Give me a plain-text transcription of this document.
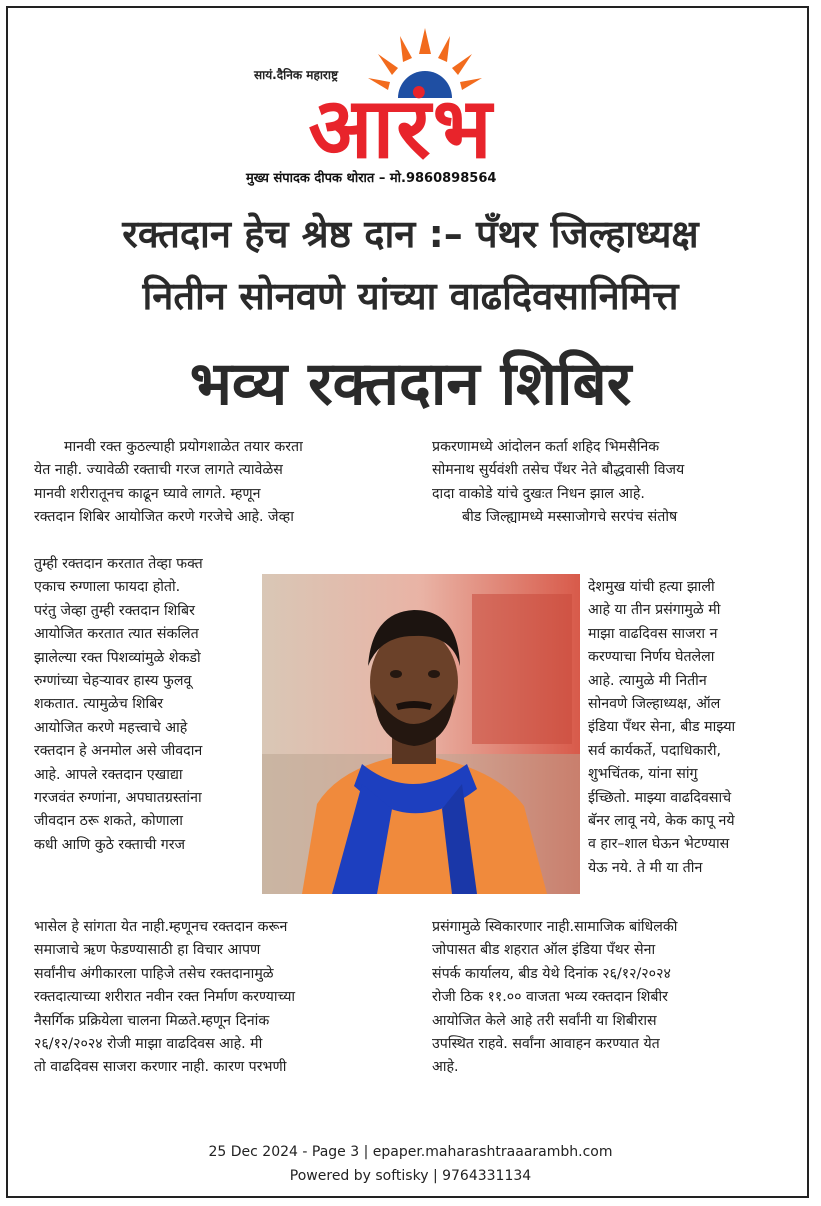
सायं.दैनिक महाराष्ट्र
आरंभ
मुख्य संपादक दीपक थोरात – मो.9860898564
रक्तदान हेच श्रेष्ठ दान :– पँथर जिल्हाध्यक्ष
नितीन सोनवणे यांच्या वाढदिवसानिमित्त
भव्य रक्तदान शिबिर
मानवी रक्त कुठल्याही प्रयोगशाळेत तयार करता
येत नाही. ज्यावेळी रक्ताची गरज लागते त्यावेळेस
मानवी शरीरातूनच काढून घ्यावे लागते. म्हणून
रक्तदान शिबिर आयोजित करणे गरजेचे आहे. जेव्हा
तुम्ही रक्तदान करतात तेव्हा फक्त
एकाच रुग्णाला फायदा होतो.
परंतु जेव्हा तुम्ही रक्तदान शिबिर
आयोजित करतात त्यात संकलित
झालेल्या रक्त पिशव्यांमुळे शेकडो
रुग्णांच्या चेहऱ्यावर हास्य फुलवू
शकतात. त्यामुळेच शिबिर
आयोजित करणे महत्त्वाचे आहे
रक्तदान हे अनमोल असे जीवदान
आहे. आपले रक्तदान एखाद्या
गरजवंत रुग्णांना, अपघातग्रस्तांना
जीवदान ठरू शकते, कोणाला
कधी आणि कुठे रक्ताची गरज
भासेल हे सांगता येत नाही.म्हणूनच रक्तदान करून
समाजाचे ऋण फेडण्यासाठी हा विचार आपण
सर्वांनीच अंगीकारला पाहिजे तसेच रक्तदानामुळे
रक्तदात्याच्या शरीरात नवीन रक्त निर्माण करण्याच्या
नैसर्गिक प्रक्रियेला चालना मिळते.म्हणून दिनांक
२६/१२/२०२४ रोजी माझा वाढदिवस आहे. मी
तो वाढदिवस साजरा करणार नाही. कारण परभणी
प्रकरणामध्ये आंदोलन कर्ता शहिद भिमसैनिक
सोमनाथ सुर्यवंशी तसेच पँथर नेते बौद्धवासी विजय
दादा वाकोडे यांचे दुखःत निधन झाल आहे.
बीड जिल्ह्यामध्ये मस्साजोगचे सरपंच संतोष
देशमुख यांची हत्या झाली
आहे या तीन प्रसंगामुळे मी
माझा वाढदिवस साजरा न
करण्याचा निर्णय घेतलेला
आहे. त्यामुळे मी नितीन
सोनवणे जिल्हाध्यक्ष, ऑल
इंडिया पँथर सेना, बीड माझ्या
सर्व कार्यकर्ते, पदाधिकारी,
शुभचिंतक, यांना सांगु
ईच्छितो. माझ्या वाढदिवसाचे
बॅनर लावू नये, केक कापू नये
व हार–शाल घेऊन भेटण्यास
येऊ नये. ते मी या तीन
प्रसंगामुळे स्विकारणार नाही.सामाजिक बांधिलकी
जोपासत बीड शहरात ऑल इंडिया पँथर सेना
संपर्क कार्यालय, बीड येथे दिनांक २६/१२/२०२४
रोजी ठिक ११.०० वाजता भव्य रक्तदान शिबीर
आयोजित केले आहे तरी सर्वांनी या शिबीरास
उपस्थित राहवे. सर्वांना आवाहन करण्यात येत
आहे.
25 Dec 2024 - Page 3 | epaper.maharashtraaarambh.com
Powered by softisky | 9764331134
